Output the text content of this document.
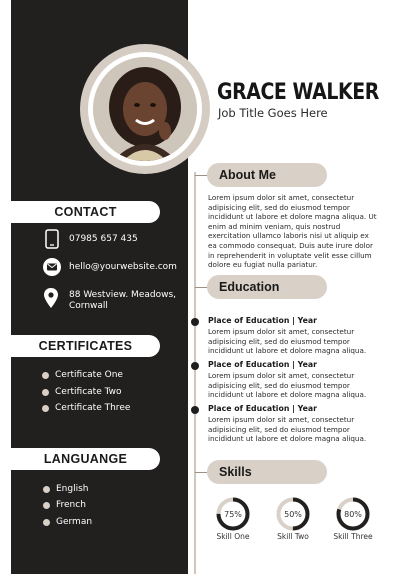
GRACE WALKER
Job Title Goes Here
CONTACT
07985 657 435
hello@yourwebsite.com
88 Westview. Meadows,
Cornwall
CERTIFICATES
Certificate One
Certificate Two
Certificate Three
LANGUANGE
English
French
German
About Me
Lorem ipsum dolor sit amet, consectetur adipisicing elit, sed do eiusmod tempor incididunt ut labore et dolore magna aliqua. Ut enim ad minim veniam, quis nostrud exercitation ullamco laboris nisi ut aliquip ex ea commodo consequat. Duis aute irure dolor in reprehenderit in voluptate velit esse cillum dolore eu fugiat nulla pariatur.
Education
Place of Education | Year
Lorem ipsum dolor sit amet, consectetur adipisicing elit, sed do eiusmod tempor incididunt ut labore et dolore magna aliqua.
Place of Education | Year
Lorem ipsum dolor sit amet, consectetur adipisicing elit, sed do eiusmod tempor incididunt ut labore et dolore magna aliqua.
Place of Education | Year
Lorem ipsum dolor sit amet, consectetur adipisicing elit, sed do eiusmod tempor incididunt ut labore et dolore magna aliqua.
Skills
75%
Skill One
50%
Skill Two
80%
Skill Three
